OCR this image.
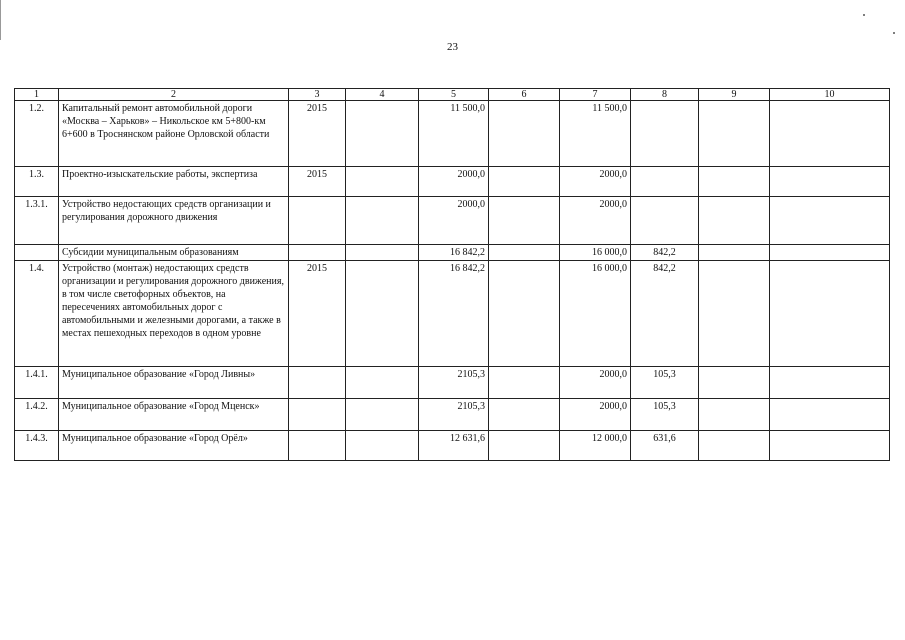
23
1	2	3	4	5	6	7	8	9	10
1.2.	Капитальный ремонт автомобильной дороги «Москва – Харьков» – Никольское км 5+800-км 6+600 в Троснянском районе Орловской области	2015		11 500,0		11 500,0			
1.3.	Проектно-изыскательские работы, экспертиза	2015		2000,0		2000,0			
1.3.1.	Устройство недостающих средств организации и регулирования дорожного движения			2000,0		2000,0			
	Субсидии муниципальным образованиям			16 842,2		16 000,0	842,2		
1.4.	Устройство (монтаж) недостающих средств организации и регулирования дорожного движения, в том числе светофорных объектов, на пересечениях автомобильных дорог с автомобильными и железными дорогами, а также в местах пешеходных переходов в одном уровне	2015		16 842,2		16 000,0	842,2		
1.4.1.	Муниципальное образование «Город Ливны»			2105,3		2000,0	105,3		
1.4.2.	Муниципальное образование «Город Мценск»			2105,3		2000,0	105,3		
1.4.3.	Муниципальное образование «Город Орёл»			12 631,6		12 000,0	631,6		
